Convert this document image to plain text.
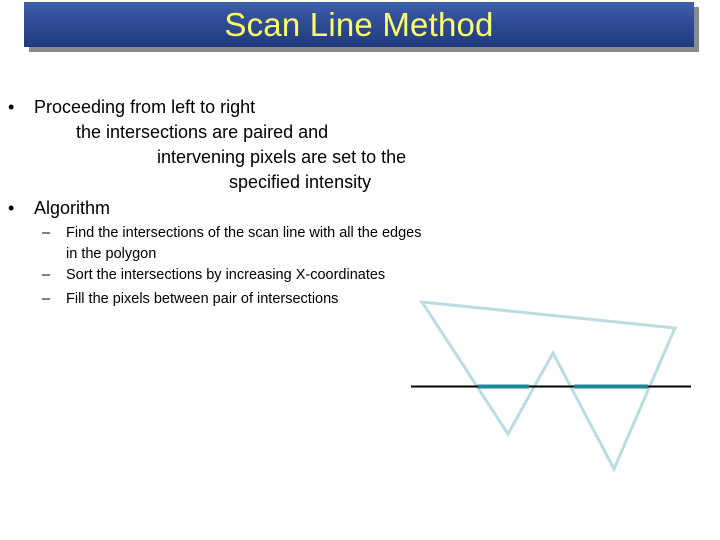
Scan Line Method
• Proceeding from left to right
the intersections are paired and
intervening pixels are set to the
specified intensity
• Algorithm
– Find the intersections of the scan line with all the edges
in the polygon
– Sort the intersections by increasing X-coordinates
– Fill the pixels between pair of intersections
